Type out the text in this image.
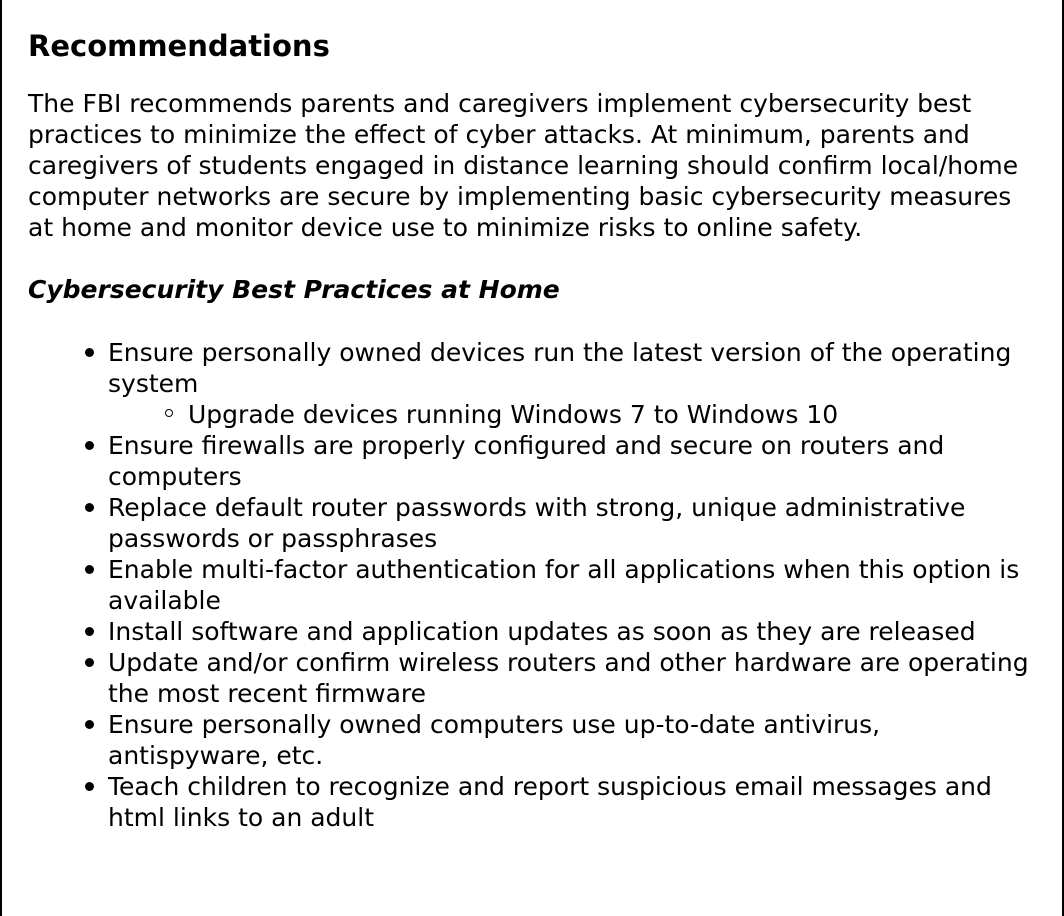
Recommendations

The FBI recommends parents and caregivers implement cybersecurity best practices to minimize the effect of cyber attacks. At minimum, parents and caregivers of students engaged in distance learning should confirm local/home computer networks are secure by implementing basic cybersecurity measures at home and monitor device use to minimize risks to online safety.

Cybersecurity Best Practices at Home
Ensure personally owned devices run the latest version of the operating system
Upgrade devices running Windows 7 to Windows 10
Ensure firewalls are properly configured and secure on routers and computers
Replace default router passwords with strong, unique administrative passwords or passphrases
Enable multi-factor authentication for all applications when this option is available
Install software and application updates as soon as they are released
Update and/or confirm wireless routers and other hardware are operating the most recent firmware
Ensure personally owned computers use up-to-date antivirus, antispyware, etc.
Teach children to recognize and report suspicious email messages and html links to an adult
